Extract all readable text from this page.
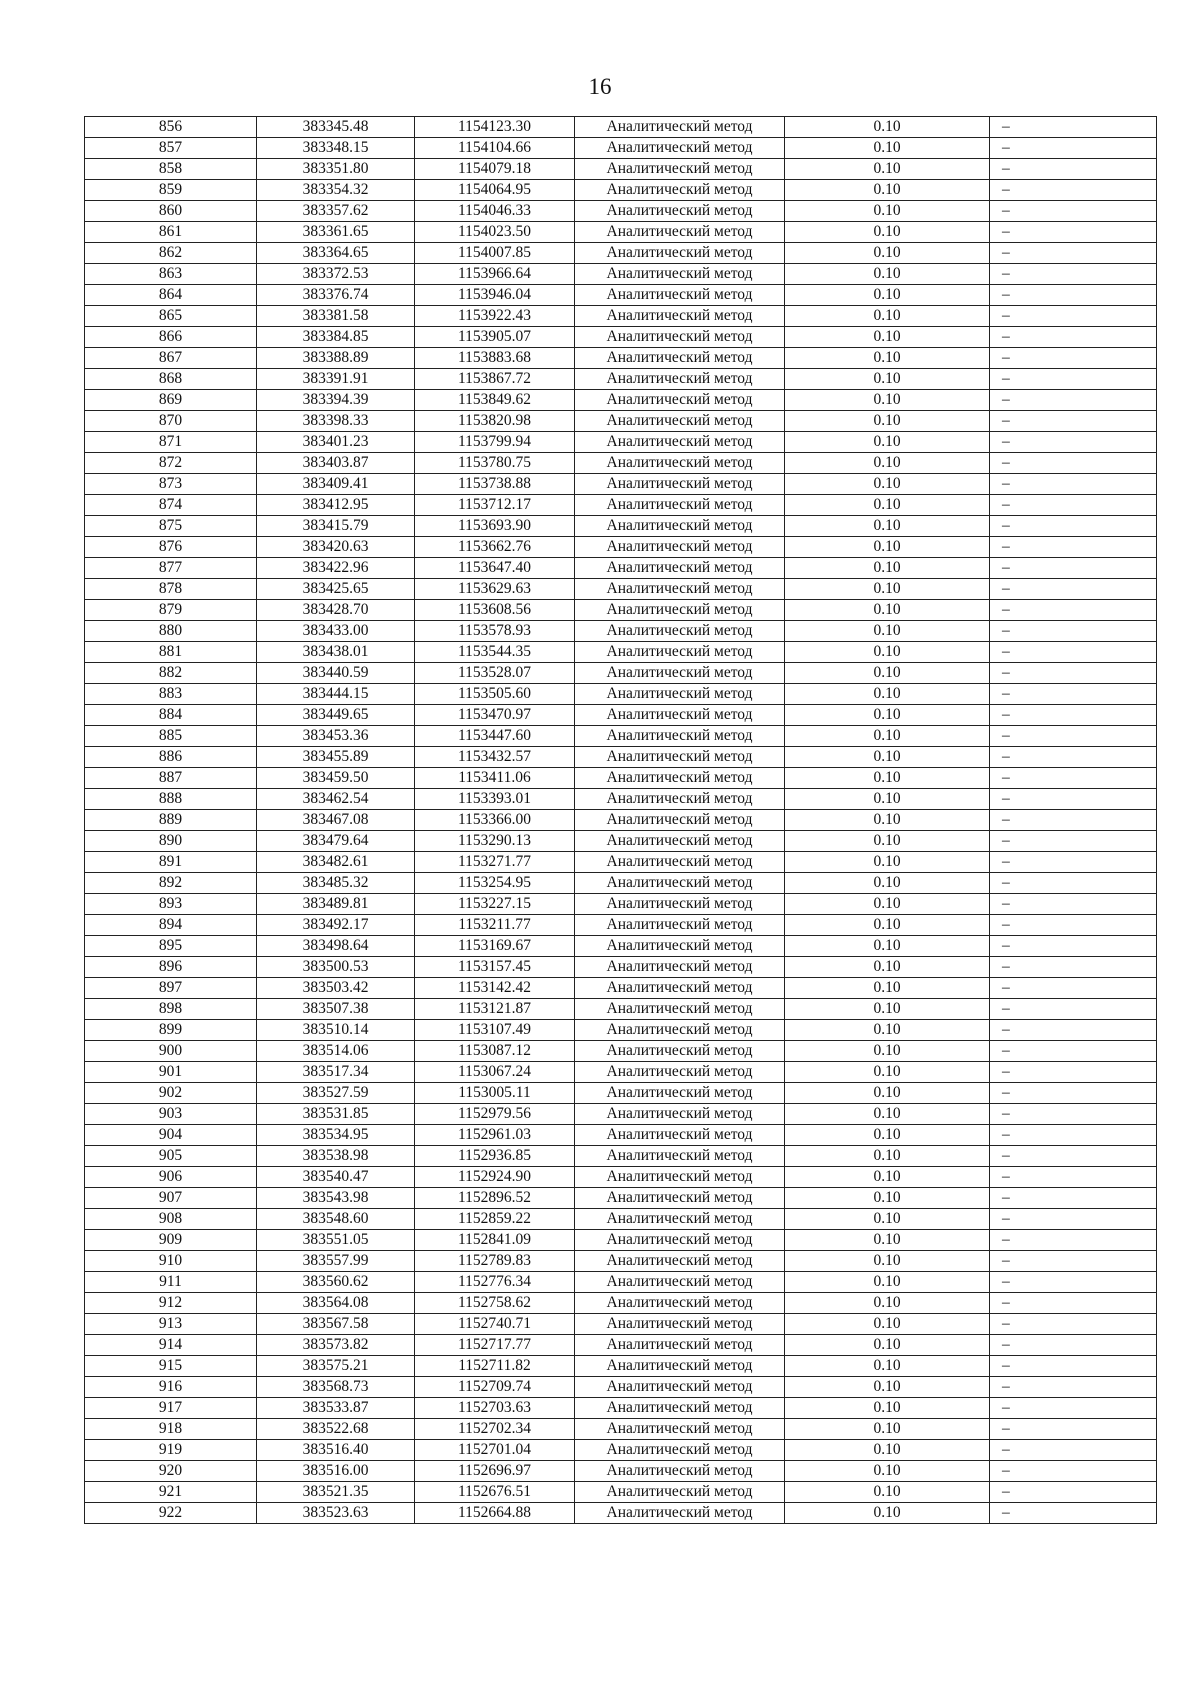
16
856	383345.48	1154123.30	Аналитический метод	0.10	–
857	383348.15	1154104.66	Аналитический метод	0.10	–
858	383351.80	1154079.18	Аналитический метод	0.10	–
859	383354.32	1154064.95	Аналитический метод	0.10	–
860	383357.62	1154046.33	Аналитический метод	0.10	–
861	383361.65	1154023.50	Аналитический метод	0.10	–
862	383364.65	1154007.85	Аналитический метод	0.10	–
863	383372.53	1153966.64	Аналитический метод	0.10	–
864	383376.74	1153946.04	Аналитический метод	0.10	–
865	383381.58	1153922.43	Аналитический метод	0.10	–
866	383384.85	1153905.07	Аналитический метод	0.10	–
867	383388.89	1153883.68	Аналитический метод	0.10	–
868	383391.91	1153867.72	Аналитический метод	0.10	–
869	383394.39	1153849.62	Аналитический метод	0.10	–
870	383398.33	1153820.98	Аналитический метод	0.10	–
871	383401.23	1153799.94	Аналитический метод	0.10	–
872	383403.87	1153780.75	Аналитический метод	0.10	–
873	383409.41	1153738.88	Аналитический метод	0.10	–
874	383412.95	1153712.17	Аналитический метод	0.10	–
875	383415.79	1153693.90	Аналитический метод	0.10	–
876	383420.63	1153662.76	Аналитический метод	0.10	–
877	383422.96	1153647.40	Аналитический метод	0.10	–
878	383425.65	1153629.63	Аналитический метод	0.10	–
879	383428.70	1153608.56	Аналитический метод	0.10	–
880	383433.00	1153578.93	Аналитический метод	0.10	–
881	383438.01	1153544.35	Аналитический метод	0.10	–
882	383440.59	1153528.07	Аналитический метод	0.10	–
883	383444.15	1153505.60	Аналитический метод	0.10	–
884	383449.65	1153470.97	Аналитический метод	0.10	–
885	383453.36	1153447.60	Аналитический метод	0.10	–
886	383455.89	1153432.57	Аналитический метод	0.10	–
887	383459.50	1153411.06	Аналитический метод	0.10	–
888	383462.54	1153393.01	Аналитический метод	0.10	–
889	383467.08	1153366.00	Аналитический метод	0.10	–
890	383479.64	1153290.13	Аналитический метод	0.10	–
891	383482.61	1153271.77	Аналитический метод	0.10	–
892	383485.32	1153254.95	Аналитический метод	0.10	–
893	383489.81	1153227.15	Аналитический метод	0.10	–
894	383492.17	1153211.77	Аналитический метод	0.10	–
895	383498.64	1153169.67	Аналитический метод	0.10	–
896	383500.53	1153157.45	Аналитический метод	0.10	–
897	383503.42	1153142.42	Аналитический метод	0.10	–
898	383507.38	1153121.87	Аналитический метод	0.10	–
899	383510.14	1153107.49	Аналитический метод	0.10	–
900	383514.06	1153087.12	Аналитический метод	0.10	–
901	383517.34	1153067.24	Аналитический метод	0.10	–
902	383527.59	1153005.11	Аналитический метод	0.10	–
903	383531.85	1152979.56	Аналитический метод	0.10	–
904	383534.95	1152961.03	Аналитический метод	0.10	–
905	383538.98	1152936.85	Аналитический метод	0.10	–
906	383540.47	1152924.90	Аналитический метод	0.10	–
907	383543.98	1152896.52	Аналитический метод	0.10	–
908	383548.60	1152859.22	Аналитический метод	0.10	–
909	383551.05	1152841.09	Аналитический метод	0.10	–
910	383557.99	1152789.83	Аналитический метод	0.10	–
911	383560.62	1152776.34	Аналитический метод	0.10	–
912	383564.08	1152758.62	Аналитический метод	0.10	–
913	383567.58	1152740.71	Аналитический метод	0.10	–
914	383573.82	1152717.77	Аналитический метод	0.10	–
915	383575.21	1152711.82	Аналитический метод	0.10	–
916	383568.73	1152709.74	Аналитический метод	0.10	–
917	383533.87	1152703.63	Аналитический метод	0.10	–
918	383522.68	1152702.34	Аналитический метод	0.10	–
919	383516.40	1152701.04	Аналитический метод	0.10	–
920	383516.00	1152696.97	Аналитический метод	0.10	–
921	383521.35	1152676.51	Аналитический метод	0.10	–
922	383523.63	1152664.88	Аналитический метод	0.10	–
